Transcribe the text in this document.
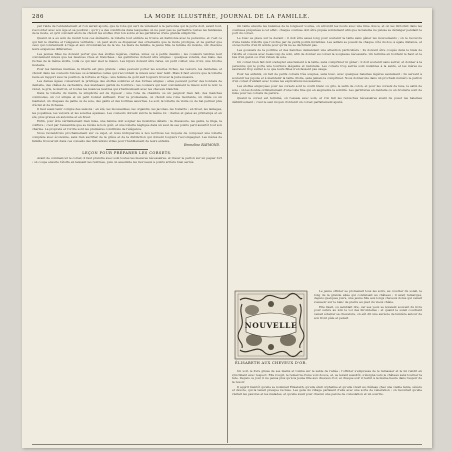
286	LA MODE ILLUSTRÉE, JOURNAL DE LA FAMILLE.

par l'aide de l'entendement et l'on aurait ajouté, que la robe qui sert de vêtement à la personne qui la porte doit, avant tout, s'accorder avec son âge et sa position ; qu'il y a des conditions dans lesquelles on ne peut pas se permettre toutes les fantaisies de la mode, et qu'il convient alors de choisir les étoffes d'un ton sobre et les garnitures d'une grande simplicité.

Quand on a eu soin de réunir tous ces éléments, la toilette tout entière se trouve en harmonie avec la personne, et c'est ce qui fait le charme et l'élégance véritable ; on peut alors se dispenser des ornements que la mode prodigue, et ne garder que ceux qui conviennent à l'âge et aux circonstances de la vie. La mère de famille, la jeune fille, la femme du monde, ont chacune leurs exigences différentes.

Les jeunes filles ne doivent porter que des étoffes légères, claires, unies ou à petits dessins ; les couleurs tendres leur conviennent mieux que les nuances vives et tranchées ; les garnitures doivent être simples : quelques volants, des biais, des ruches de la même étoffe, voilà ce qui leur sied le mieux. Les bijoux doivent être rares, un petit collier, une croix, une broche modeste.

Pour les femmes mariées, la liberté est plus grande : elles peuvent porter les soieries riches, les velours, les dentelles, et choisir dans les couleurs foncées ou éclatantes celles qui s'accordent le mieux avec leur teint. Mais il faut encore que la toilette reste en rapport avec la position, la fortune et l'âge ; une femme de goût sait toujours trouver la juste mesure.

Les dames âgées conservent le privilège des étoffes sombres et des formes amples ; elles peuvent porter des bonnets de dentelle, des châles de cachemire, des manteaux garnis de fourrure ; les couleurs qui leur conviennent le mieux sont le noir, le violet, le gris, le marron, et toutes les nuances neutres qui s'harmonisent avec les cheveux blanchis.

Dans la toilette du matin, la simplicité est de rigueur ; une robe de chambre ou un peignoir bien fait, des manches commodes, un col simple et un petit bonnet suffisent. Pour la promenade, on choisit une robe montante, un châle ou un mantelet, un chapeau de paille ou de soie, des gants et des bottines assorties. Le soir, la toilette de visite ou de bal permet plus d'éclat et de richesse.

Il faut aussi tenir compte des saisons : en été, les mousselines, les organdis, les jaconas, les foulards ; en hiver, les lainages, les popelines, les velours et les soieries épaisses. Les couleurs doivent suivre la même loi : claires et gaies au printemps et en été, plus graves en automne et en hiver.

Enfin, pour être véritablement bien mise, une femme doit soigner les moindres détails : la chaussure, les gants, le linge, la coiffure ; c'est par l'ensemble que se révèle le bon goût, et une toilette négligée dans un seul de ses points perd aussitôt tout son charme. La propreté et l'ordre sont les premières conditions de l'élégance.

Nous reviendrons prochainement sur ce sujet, et nous indiquerons à nos lectrices les moyens de composer une toilette complète avec économie, sans rien sacrifier de la grâce et de la distinction qui doivent toujours l'accompagner. Les mères de famille trouveront dans ces conseils des indications utiles pour l'habillement de leurs enfants.

Emmeline RAYMOND.
LEÇON POUR PRÉPARER LES CORSETS.

Avant de commencer le corset, il faut prendre avec soin toutes les mesures nécessaires, et tracer le patron sur un papier fort ; on coupe ensuite l'étoffe en laissant les rentrées, puis on assemble les morceaux à points arrière bien serrés.

On taille ensuite les baleines de la longueur voulue, on arrondit les bouts avec une lime douce, et on les introduit dans les coulisses préparées à cet effet ; chaque coulisse doit être piquée solidement afin que la baleine ne puisse se déranger pendant le port du corset.

Le busc se place sur le devant ; il doit être assez long pour soutenir la taille sans gêner les mouvements ; on le recouvre d'une bande d'étoffe que l'on fixe par de petits points invisibles. Les œillets se posent de chaque côté du dos, à égale distance, et on les borde d'un fil solide pour qu'ils ne se déchirent pas.

Les goussets de la poitrine et des hanches demandent une attention particulière : ils doivent être coupés dans le biais de l'étoffe et cousus avec beaucoup de soin, afin de donner au corset la souplesse nécessaire. On termine en bordant le haut et le bas d'un galon ou d'un ruban de soie.

Un corset bien fait doit s'adapter exactement à la taille, sans comprimer ni gêner ; il doit soutenir sans serrer, et donner à la personne qui le porte une tournure élégante et naturelle. Les corsets trop serrés sont nuisibles à la santé, et les mères ne sauraient trop veiller à ce que leurs filles n'en fassent pas usage.

Pour les enfants, on fait de petits corsets très souples, sans busc, avec quelques baleines légères seulement ; ils servent à soutenir les jupons et à maintenir la taille droite, sans jamais la comprimer. Nous donnerons dans un prochain numéro le patron d'un corset d'enfant avec toutes les explications nécessaires.

Les étoffes employées pour les corsets sont le coutil blanc ou gris, le satin de coton, et pour les corsets de luxe, le satin de soie ; on les double ordinairement d'une toile fine qui en augmente la solidité. Les garnitures en dentelle ou en broderie sont de mise pour les corsets de parure.

Quand le corset est terminé, on l'essaie avec soin, et l'on fait les retouches nécessaires avant de poser les baleines définitivement ; c'est le seul moyen d'obtenir un corset parfaitement ajusté.

NOUVELLE
ÉLISABETH AUX CHEVEUX D'OR.

Le jeune officier se promenait tous les soirs, au coucher du soleil, le long de la grande allée qui conduisait au château ; il avait remarqué, depuis quelques jours, une jeune fille aux longs cheveux dorés qui venait s'asseoir sur le banc de pierre au pied du vieux chêne.

Elle lisait, ou semblait lire, car ses yeux se levaient souvent du livre pour suivre au loin le vol des hirondelles ; et quand le soleil couchant venait éclairer sa chevelure, on eût dit une auréole de lumière autour de son front pâle et pensif.

Un soir, le livre glissa de ses mains et tomba sur le sable de l'allée ; l'officier s'empressa de le ramasser et le lui rendit en s'inclinant avec respect. Elle rougit, le remercia d'une voix douce, et, se levant aussitôt, s'éloigna vers le château sans tourner la tête. Depuis ce jour, il ne pensa plus qu'à la jeune fille aux cheveux d'or, et chaque soir il revint à la même heure dans l'espoir de la revoir.

Il apprit bientôt qu'elle se nommait Élisabeth, qu'elle était orpheline et qu'elle vivait au château chez une vieille tante, sévère et dévote, qui la tenait presque recluse. Les gens du village parlaient d'elle avec une sorte de vénération ; on racontait qu'elle visitait les pauvres et les malades, et qu'elle avait pour chacun une parole de consolation et un sourire.
